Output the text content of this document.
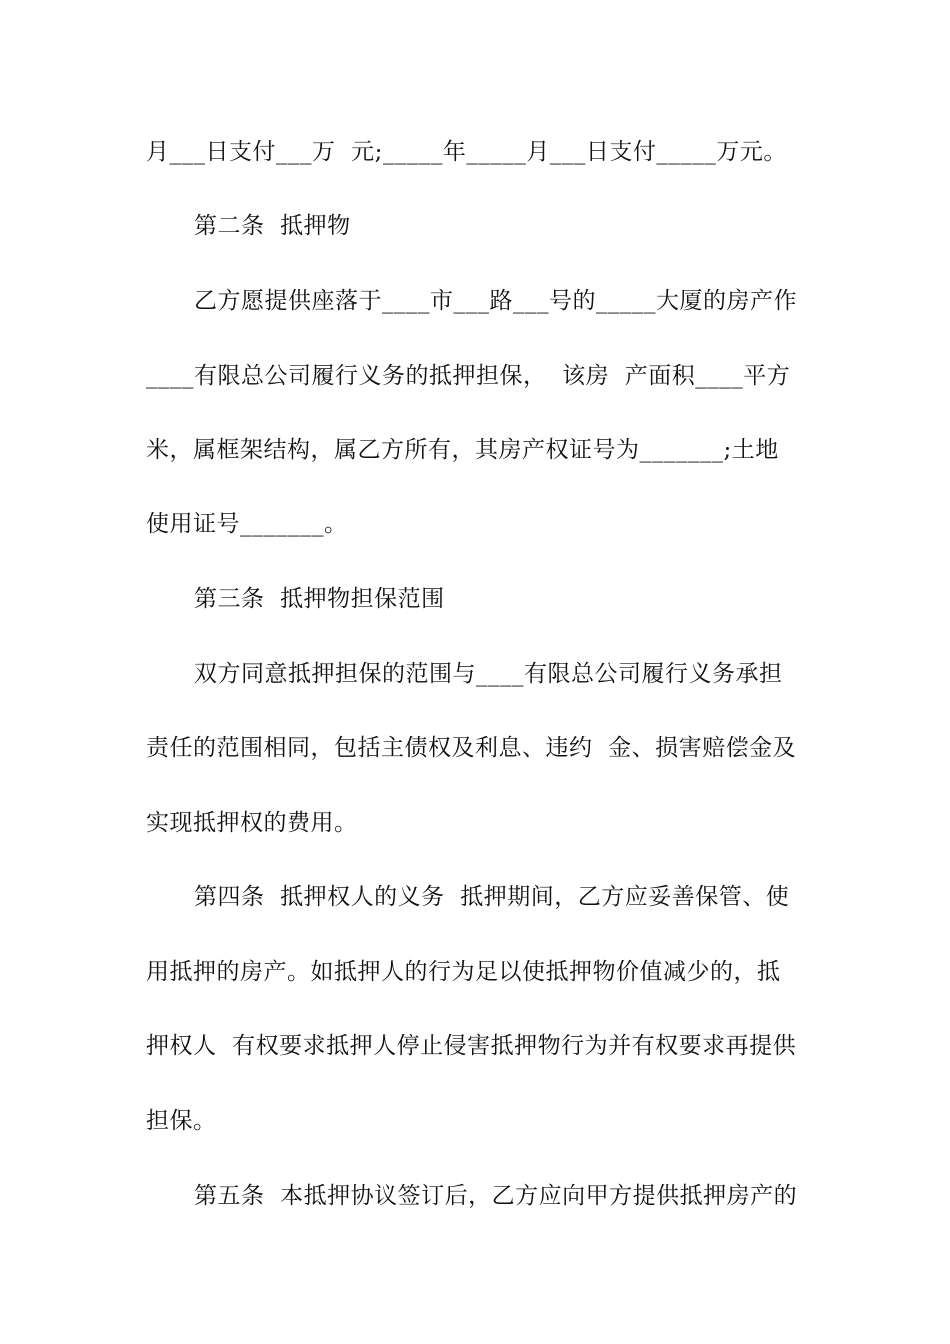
月___日支付___万  元;_____年_____月___日支付_____万元。
第二条  抵押物
乙方愿提供座落于____市___路___号的_____大厦的房产作
____有限总公司履行义务的抵押担保，  该房  产面积____平方
米，属框架结构，属乙方所有，其房产权证号为_______;土地
使用证号_______。
第三条  抵押物担保范围
双方同意抵押担保的范围与____有限总公司履行义务承担
责任的范围相同，包括主债权及利息、违约  金、损害赔偿金及
实现抵押权的费用。
第四条  抵押权人的义务  抵押期间，乙方应妥善保管、使
用抵押的房产。如抵押人的行为足以使抵押物价值减少的，抵
押权人  有权要求抵押人停止侵害抵押物行为并有权要求再提供
担保。
第五条  本抵押协议签订后，乙方应向甲方提供抵押房产的
